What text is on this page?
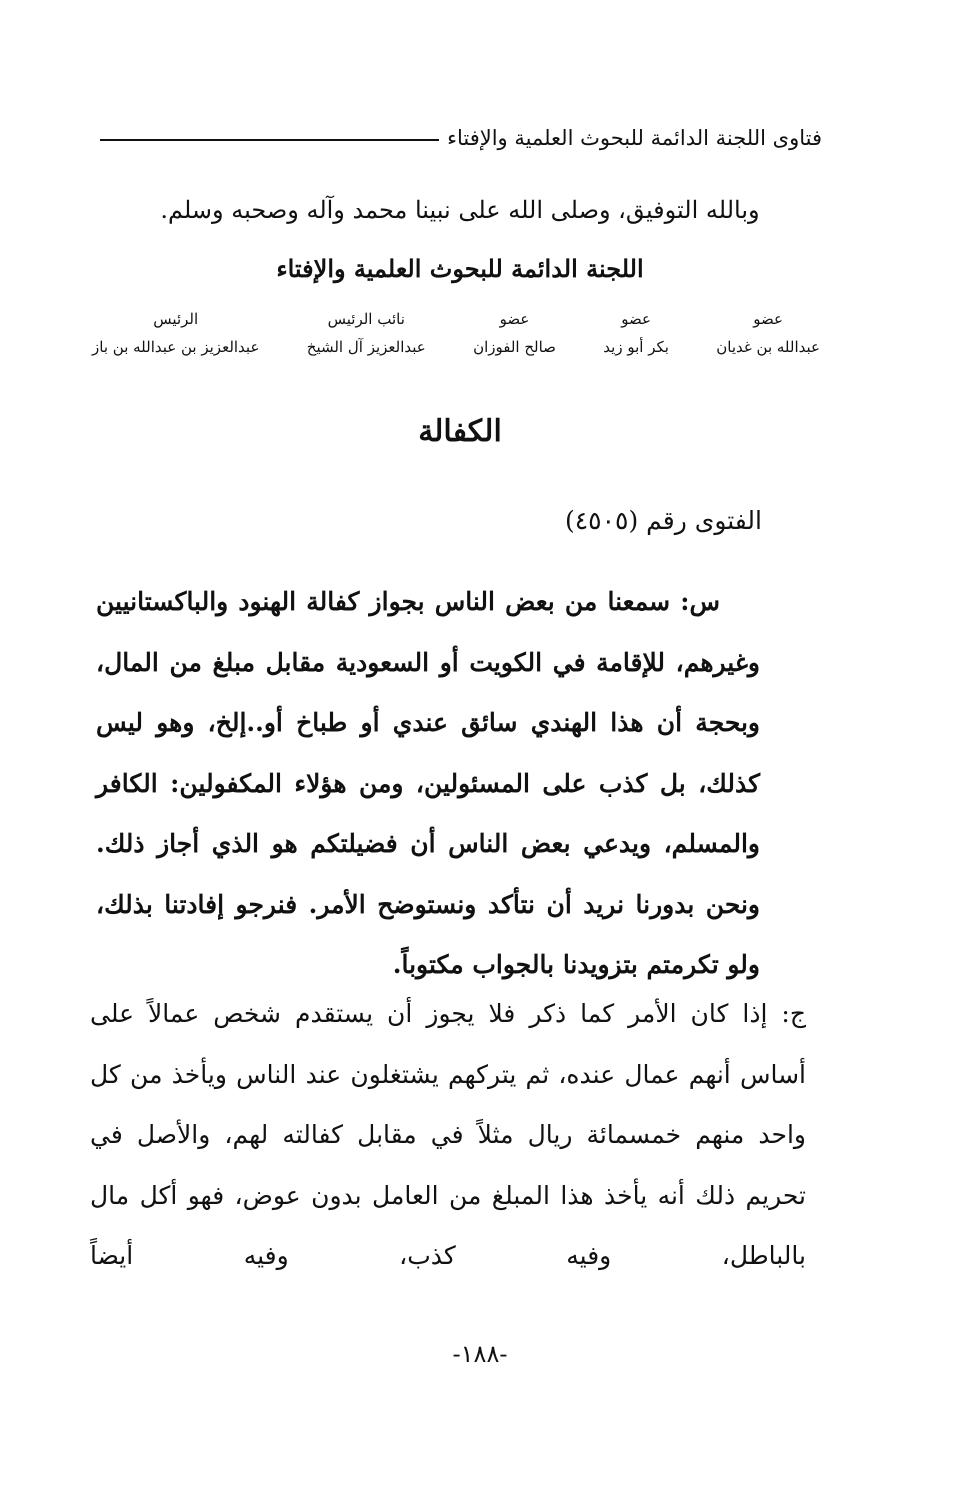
فتاوى اللجنة الدائمة للبحوث العلمية والإفتاء
وبالله التوفيق، وصلى الله على نبينا محمد وآله وصحبه وسلم.
اللجنة الدائمة للبحوث العلمية والإفتاء
عضو
عبدالله بن غديان
عضو
بكر أبو زيد
عضو
صالح الفوزان
نائب الرئيس
عبدالعزيز آل الشيخ
الرئيس
عبدالعزيز بن عبدالله بن باز
الكفالة
الفتوى رقم (٤٥٠٥)

س: سمعنا من بعض الناس بجواز كفالة الهنود والباكستانيين وغيرهم، للإقامة في الكويت أو السعودية مقابل مبلغ من المال، وبحجة أن هذا الهندي سائق عندي أو طباخ أو..إلخ، وهو ليس كذلك، بل كذب على المسئولين، ومن هؤلاء المكفولين: الكافر والمسلم، ويدعي بعض الناس أن فضيلتكم هو الذي أجاز ذلك. ونحن بدورنا نريد أن نتأكد ونستوضح الأمر. فنرجو إفادتنا بذلك، ولو تكرمتم بتزويدنا بالجواب مكتوباً.

ج: إذا كان الأمر كما ذكر فلا يجوز أن يستقدم شخص عمالاً على أساس أنهم عمال عنده، ثم يتركهم يشتغلون عند الناس ويأخذ من كل واحد منهم خمسمائة ريال مثلاً في مقابل كفالته لهم، والأصل في تحريم ذلك أنه يأخذ هذا المبلغ من العامل بدون عوض، فهو أكل مال بالباطل، وفيه كذب، وفيه أيضاً

-١٨٨-
